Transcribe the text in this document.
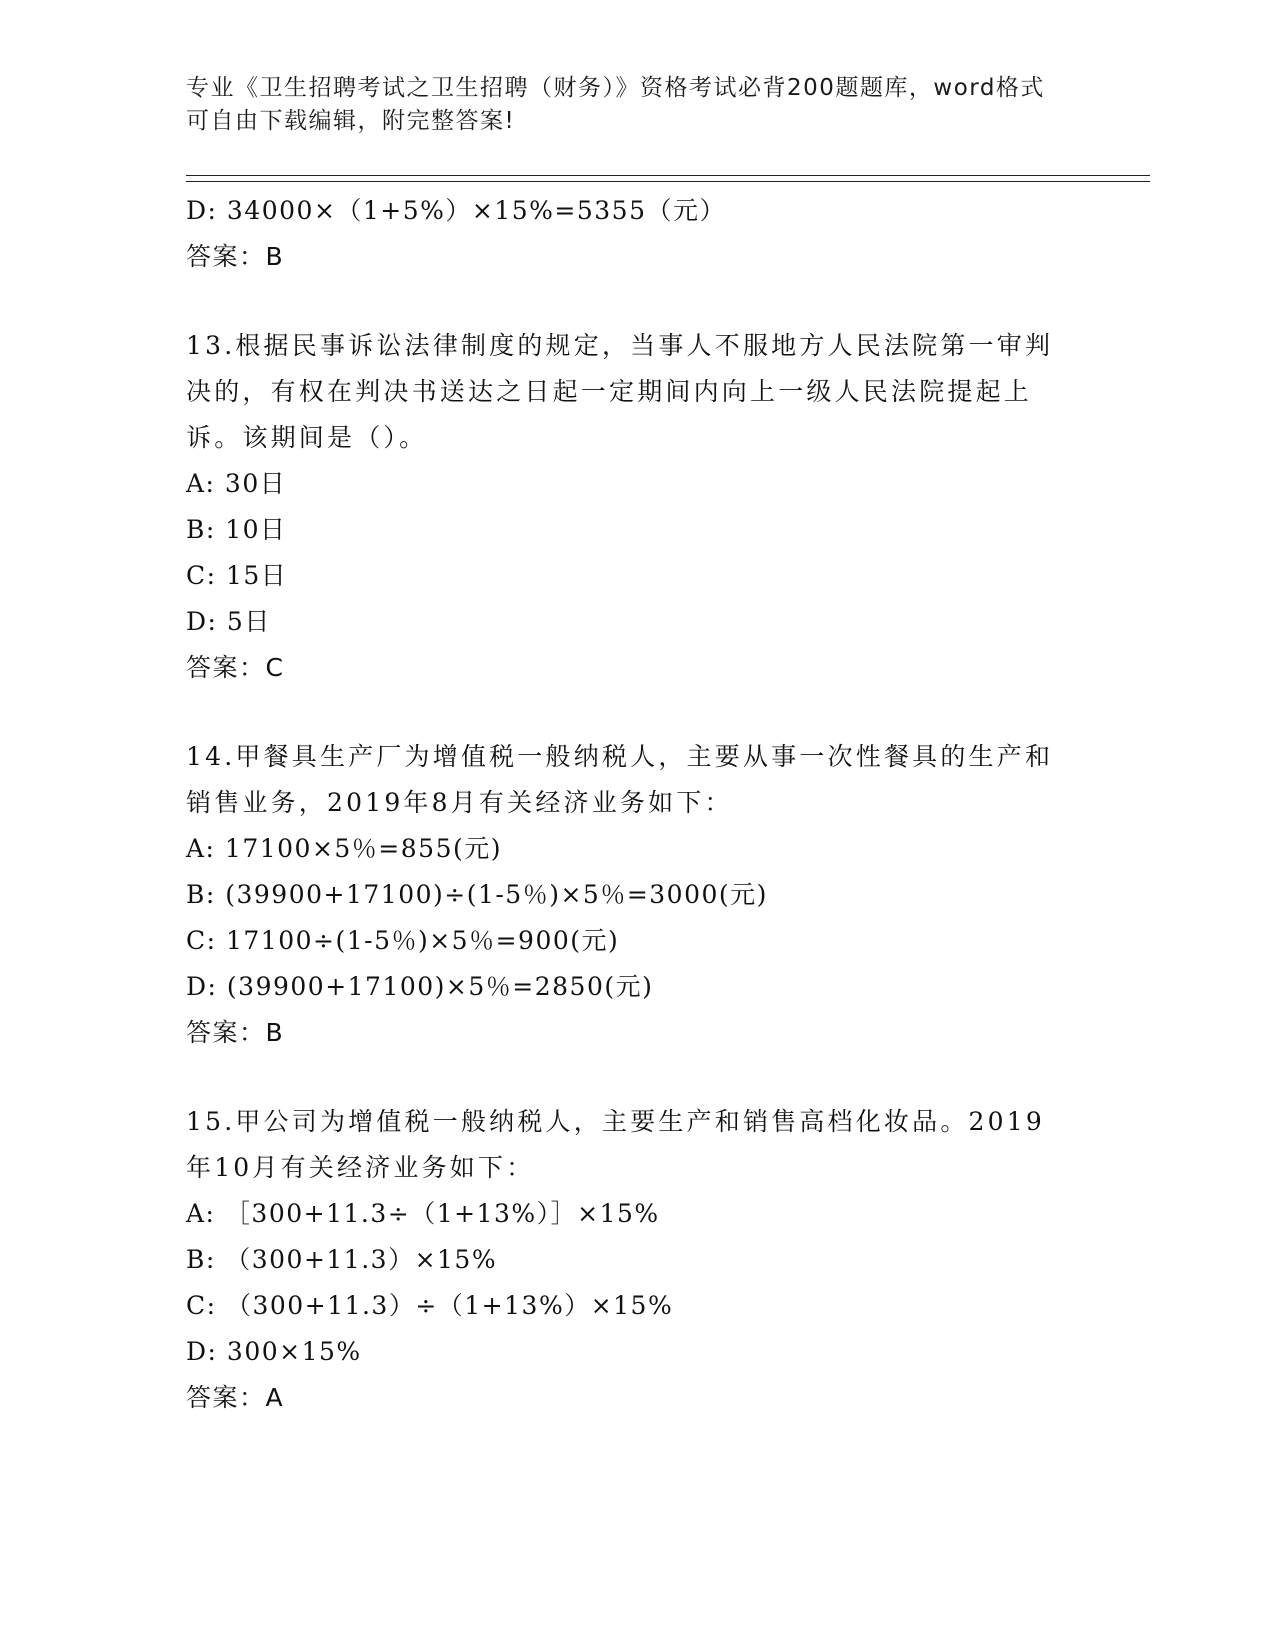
专业《卫生招聘考试之卫生招聘（财务）》资格考试必背200题题库，word格式
可自由下载编辑，附完整答案!
D: 34000×（1+5%）×15%=5355（元）
答案：B
13.根据民事诉讼法律制度的规定，当事人不服地方人民法院第一审判
决的，有权在判决书送达之日起一定期间内向上一级人民法院提起上
诉。该期间是（）。
A: 30日
B: 10日
C: 15日
D: 5日
答案：C
14.甲餐具生产厂为增值税一般纳税人，主要从事一次性餐具的生产和
销售业务，2019年8月有关经济业务如下：
A: 17100×5％=855(元)
B: (39900+17100)÷(1-5％)×5％=3000(元)
C: 17100÷(1-5％)×5％=900(元)
D: (39900+17100)×5％=2850(元)
答案：B
15.甲公司为增值税一般纳税人，主要生产和销售高档化妆品。2019
年10月有关经济业务如下：
A: ［300+11.3÷（1+13%）］×15%
B: （300+11.3）×15%
C: （300+11.3）÷（1+13%）×15%
D: 300×15%
答案：A
